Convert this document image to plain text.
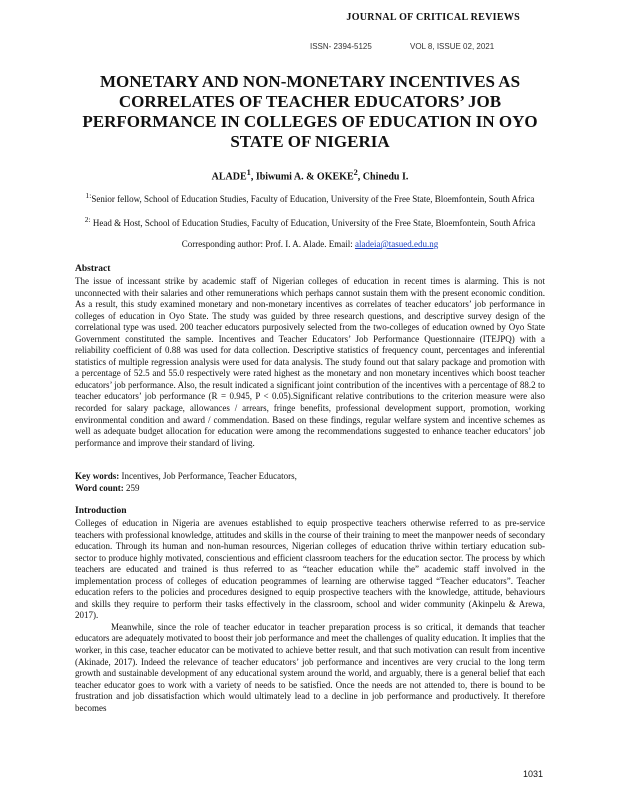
JOURNAL OF CRITICAL REVIEWS
ISSN- 2394-5125	VOL 8, ISSUE 02, 2021
MONETARY AND NON-MONETARY INCENTIVES AS CORRELATES OF TEACHER EDUCATORS’ JOB PERFORMANCE IN COLLEGES OF EDUCATION IN OYO STATE OF NIGERIA
ALADE$^1$, Ibiwumi A. & OKEKE$^2$, Chinedu I.
$^{1:}$Senior fellow, School of Education Studies, Faculty of Education, University of the Free State, Bloemfontein, South Africa
$^{2:}$ Head & Host, School of Education Studies, Faculty of Education, University of the Free State, Bloemfontein, South Africa
Corresponding author: Prof. I. A. Alade. Email: aladeia@tasued.edu.ng
Abstract
The issue of incessant strike by academic staff of Nigerian colleges of education in recent times is alarming. This is not unconnected with their salaries and other remunerations which perhaps cannot sustain them with the present economic condition. As a result, this study examined monetary and non-monetary incentives as correlates of teacher educators’ job performance in colleges of education in Oyo State. The study was guided by three research questions, and descriptive survey design of the correlational type was used. 200 teacher educators purposively selected from the two-colleges of education owned by Oyo State Government constituted the sample. Incentives and Teacher Educators’ Job Performance Questionnaire (ITEJPQ) with a reliability coefficient of 0.88 was used for data collection. Descriptive statistics of frequency count, percentages and inferential statistics of multiple regression analysis were used for data analysis. The study found out that salary package and promotion with a percentage of 52.5 and 55.0 respectively were rated highest as the monetary and non monetary incentives which boost teacher educators’ job performance. Also, the result indicated a significant joint contribution of the incentives with a percentage of 88.2 to teacher educators’ job performance (R = 0.945, P < 0.05).Significant relative contributions to the criterion measure were also recorded for salary package, allowances / arrears, fringe benefits, professional development support, promotion, working environmental condition and award / commendation. Based on these findings, regular welfare system and incentive schemes as well as adequate budget allocation for education were among the recommendations suggested to enhance teacher educators’ job performance and improve their standard of living.
Key words: Incentives, Job Performance, Teacher Educators,
Word count: 259
Introduction

Colleges of education in Nigeria are avenues established to equip prospective teachers otherwise referred to as pre-service teachers with professional knowledge, attitudes and skills in the course of their training to meet the manpower needs of secondary education. Through its human and non-human resources, Nigerian colleges of education thrive within tertiary education sub-sector to produce highly motivated, conscientious and efficient classroom teachers for the education sector. The process by which teachers are educated and trained is thus referred to as “teacher education while the” academic staff involved in the implementation process of colleges of education peogrammes of learning are otherwise tagged “Teacher educators”. Teacher education refers to the policies and procedures designed to equip prospective teachers with the knowledge, attitude, behaviours and skills they require to perform their tasks effectively in the classroom, school and wider community (Akinpelu & Arewa, 2017).

Meanwhile, since the role of teacher educator in teacher preparation process is so critical, it demands that teacher educators are adequately motivated to boost their job performance and meet the challenges of quality education. It implies that the worker, in this case, teacher educator can be motivated to achieve better result, and that such motivation can result from incentive (Akinade, 2017). Indeed the relevance of teacher educators’ job performance and incentives are very crucial to the long term growth and sustainable development of any educational system around the world, and arguably, there is a general belief that each teacher educator goes to work with a variety of needs to be satisfied. Once the needs are not attended to, there is bound to be frustration and job dissatisfaction which would ultimately lead to a decline in job performance and productively. It therefore becomes

1031
